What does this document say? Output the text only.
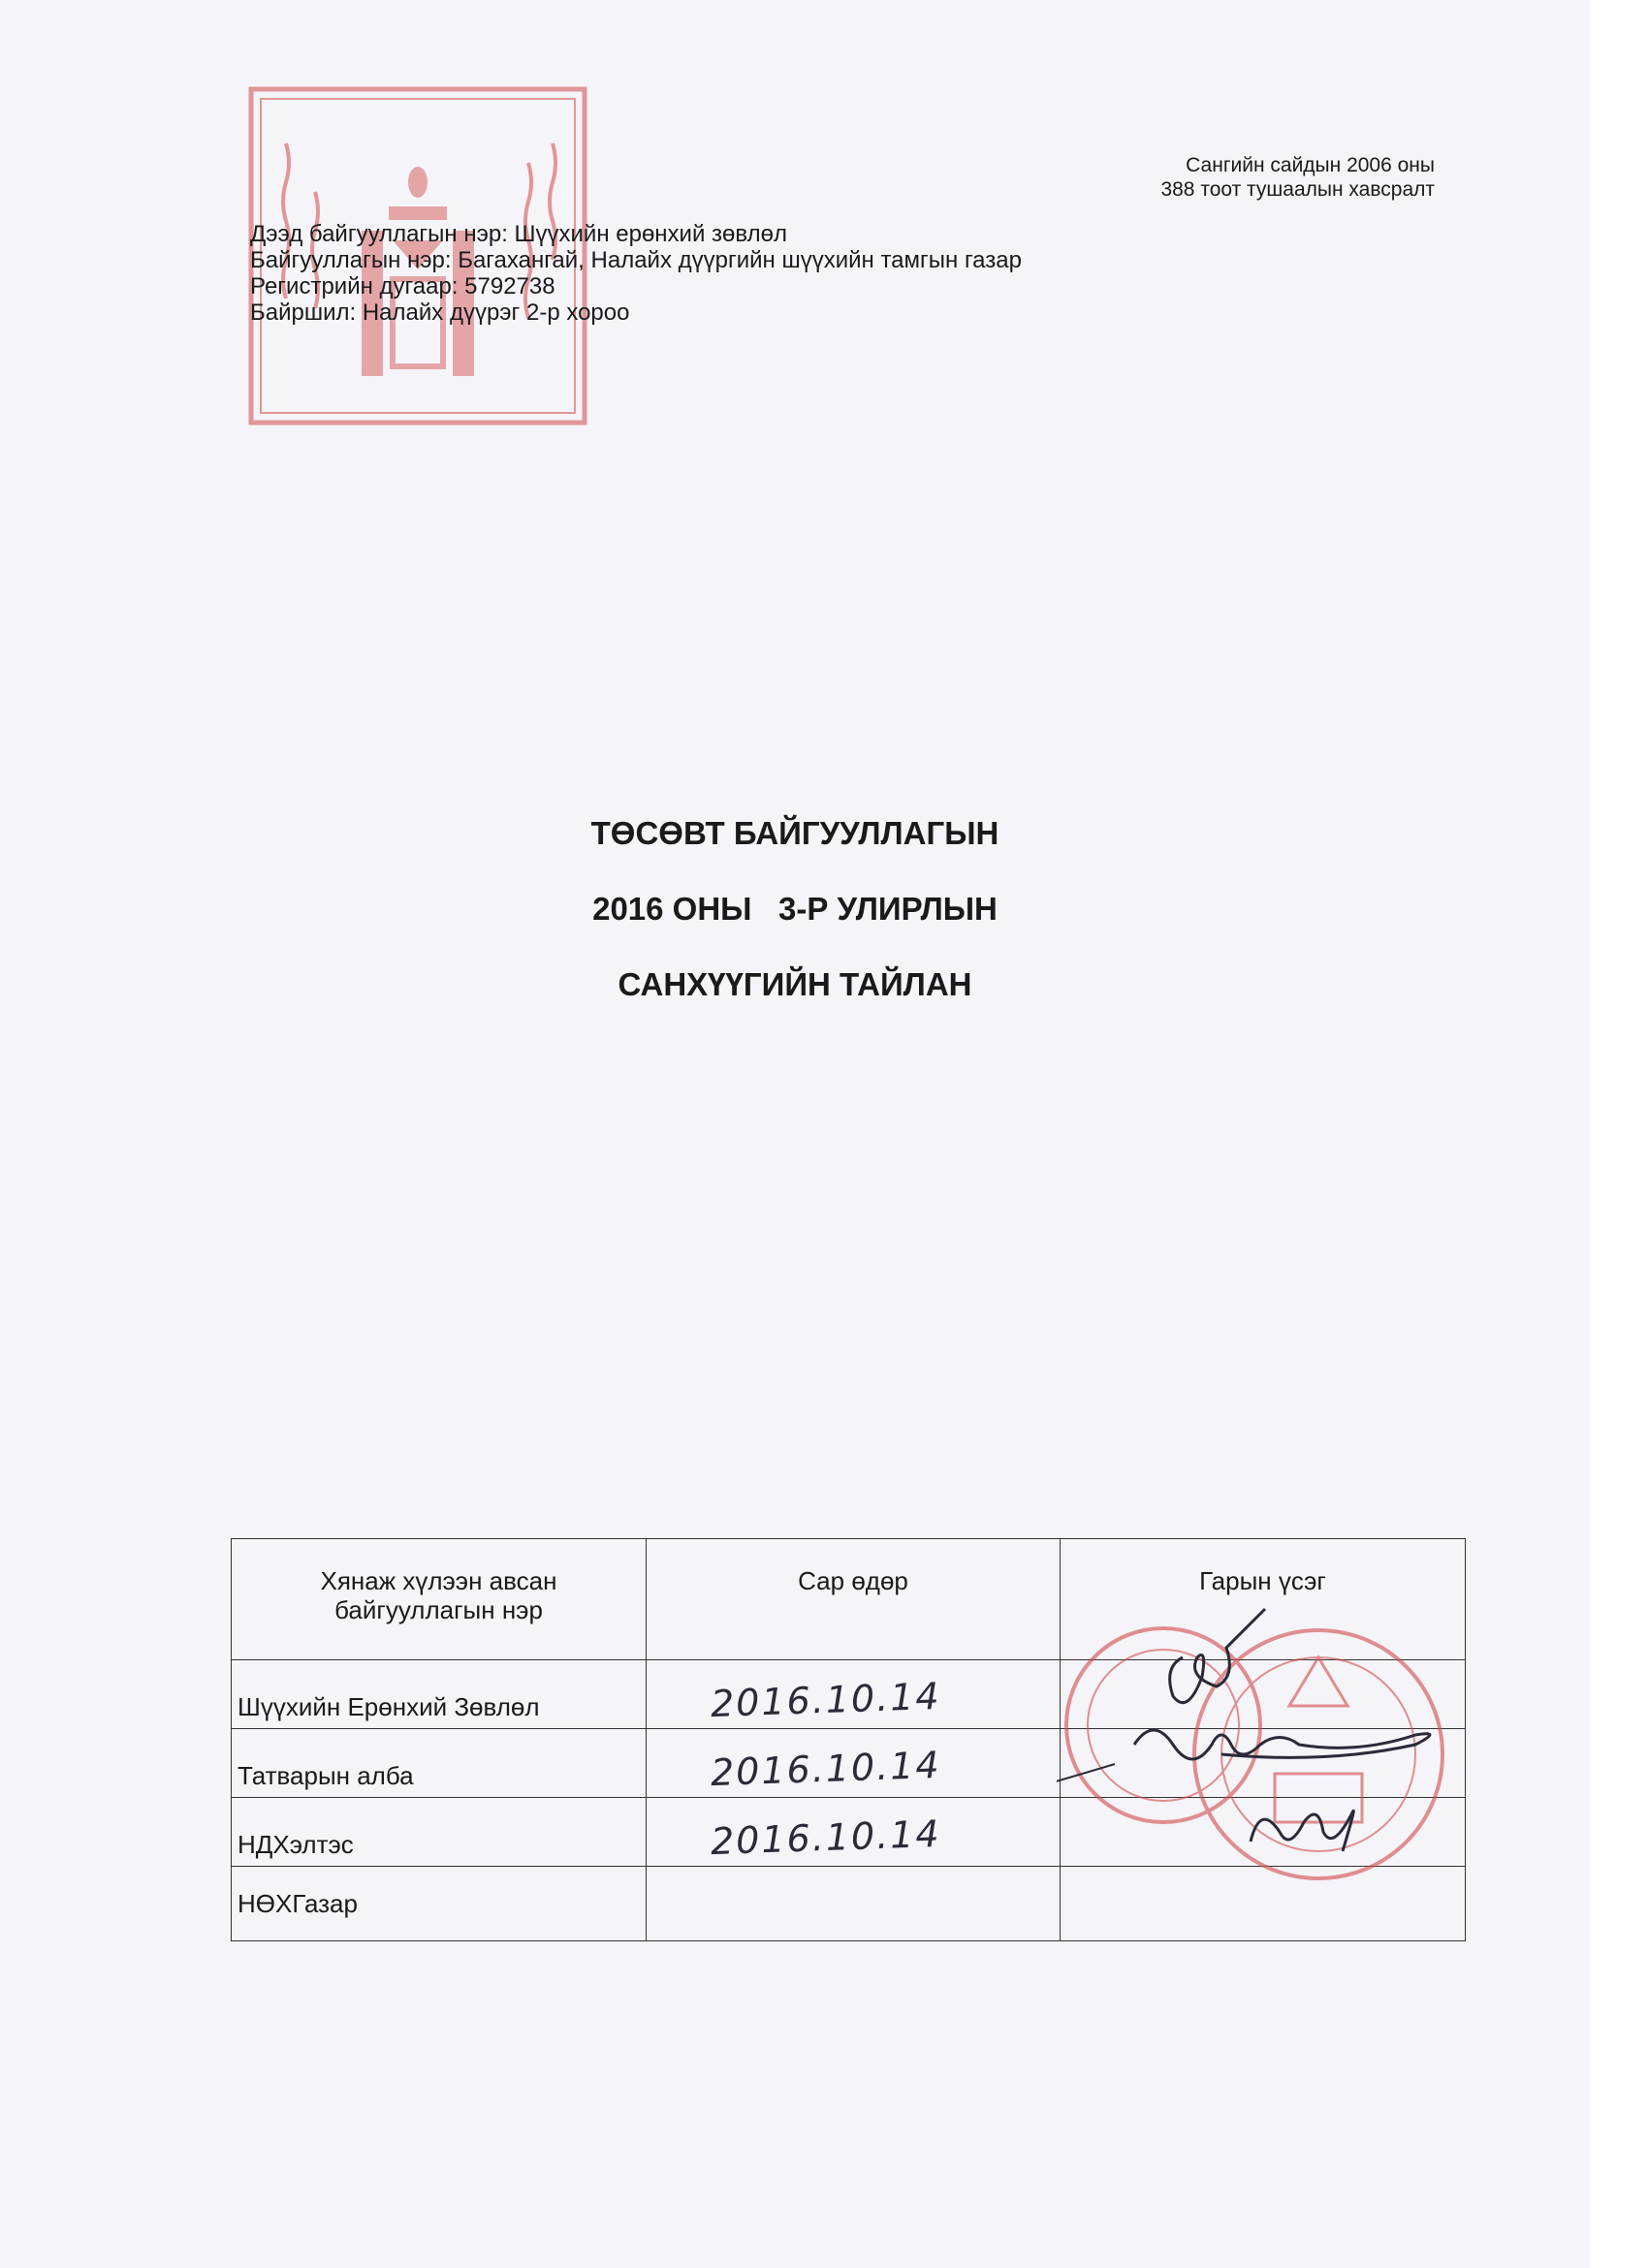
Сангийн сайдын 2006 оны
388 тоот тушаалын хавсралт
Дээд байгууллагын нэр: Шүүхийн ерөнхий зөвлөл
Байгууллагын нэр: Багахангай, Налайх дүүргийн шүүхийн тамгын газар
Регистрийн дугаар: 5792738
Байршил: Налайх дүүрэг 2-р хороо
ТӨСӨВТ БАЙГУУЛЛАГЫН
2016 ОНЫ   3-Р УЛИРЛЫН
САНХҮҮГИЙН ТАЙЛАН
Хянаж хүлээн авсан байгууллагын нэр	Сар өдөр	Гарын үсэг
Шүүхийн Ерөнхий Зөвлөл	2016.10.14	
Татварын алба	2016.10.14	
НДХэлтэс	2016.10.14	
НӨХГазар		
